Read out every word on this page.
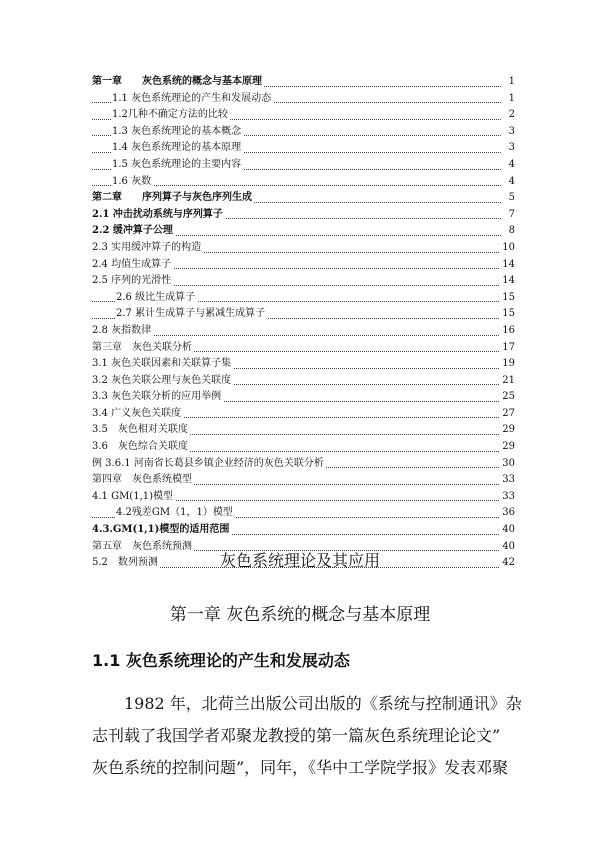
第一章　　灰色系统的概念与基本原理	1
1.1 灰色系统理论的产生和发展动态	1
1.2几种不确定方法的比较	2
1.3 灰色系统理论的基本概念	3
1.4 灰色系统理论的基本原理	3
1.5 灰色系统理论的主要内容	4
1.6 灰数	4
第二章　　序列算子与灰色序列生成	5
2.1 冲击扰动系统与序列算子	7
2.2 缓冲算子公理	8
2.3 实用缓冲算子的构造	10
2.4 均值生成算子	14
2.5 序列的光滑性	14
2.6 级比生成算子	15
2.7 累计生成算子与累减生成算子	15
2.8 灰指数律	16
第三章　灰色关联分析	17
3.1 灰色关联因素和关联算子集	19
3.2 灰色关联公理与灰色关联度	21
3.3 灰色关联分析的应用举例	25
3.4 广义灰色关联度	27
3.5　灰色相对关联度	29
3.6　灰色综合关联度	29
例 3.6.1 河南省长葛县乡镇企业经济的灰色关联分析	30
第四章　灰色系统模型	33
4.1 GM(1,1)模型	33
4.2残差GM（1，1）模型	36
4.3.GM(1,1)模型的适用范围	40
第五章　灰色系统预测	40
5.2　数列预测	42
灰色系统理论及其应用
第一章 灰色系统的概念与基本原理
1.1 灰色系统理论的产生和发展动态
1982 年，北荷兰出版公司出版的《系统与控制通讯》杂
志刊载了我国学者邓聚龙教授的第一篇灰色系统理论论文”
灰色系统的控制问题”，同年，《华中工学院学报》发表邓聚
